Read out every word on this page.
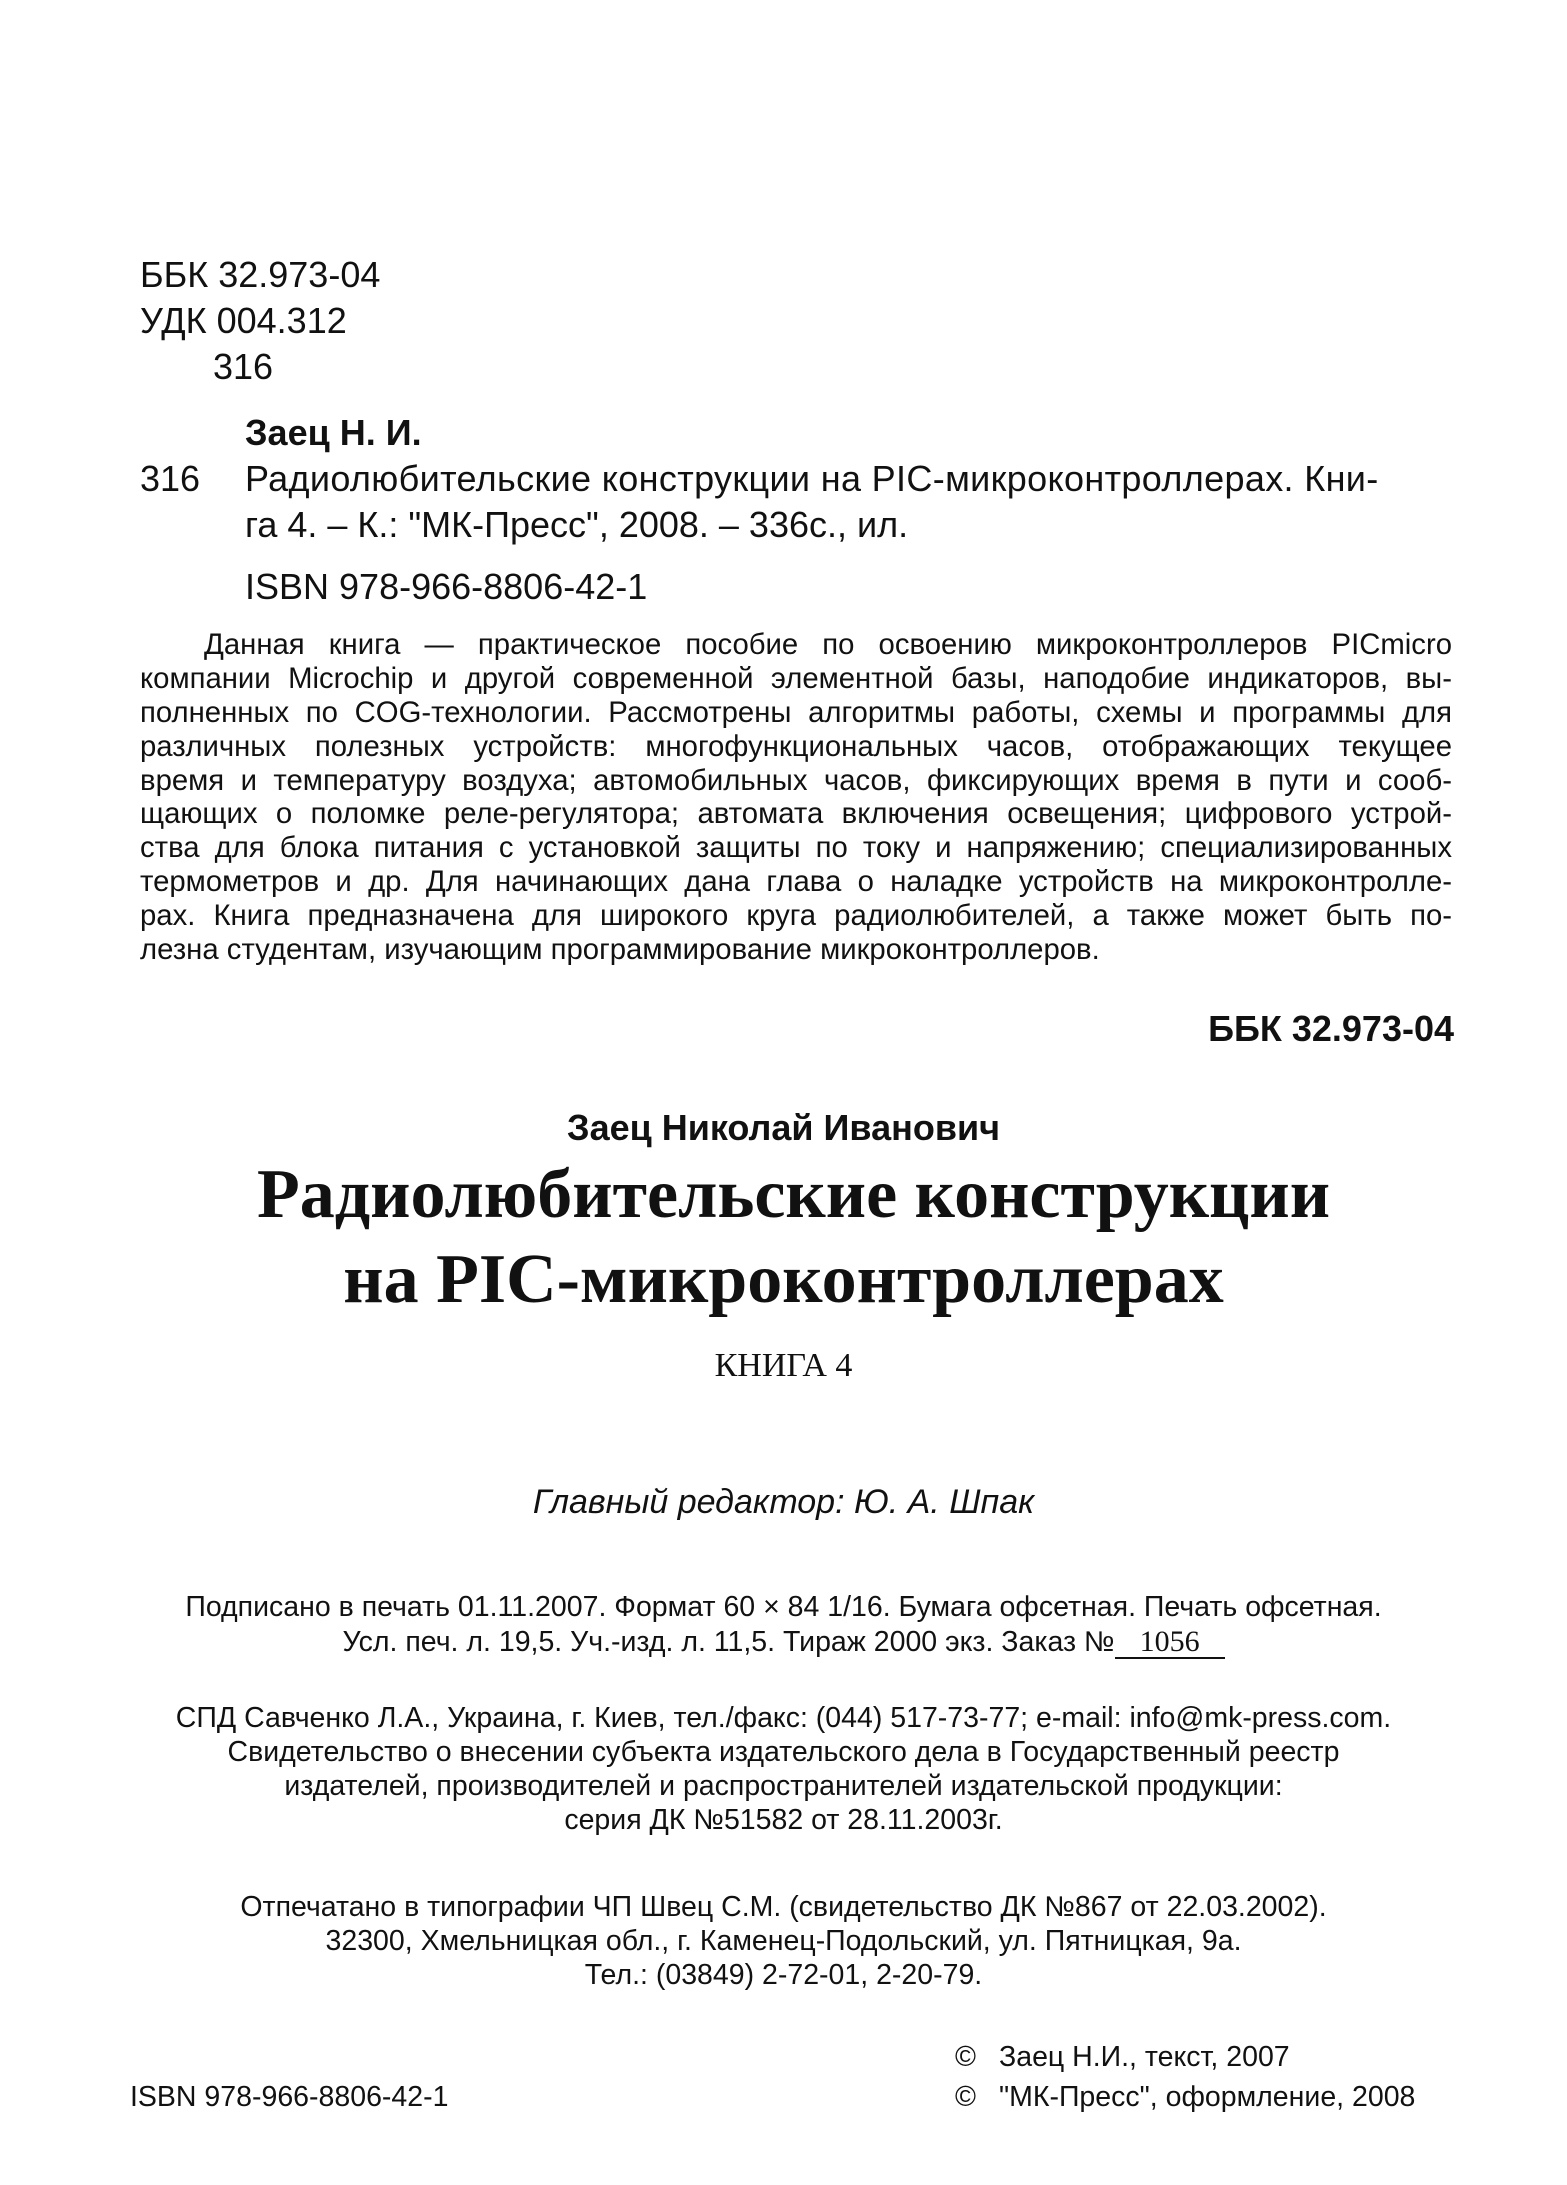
ББК 32.973-04
УДК 004.312
316
Заец Н. И.
316 Радиолюбительские конструкции на PIC-микроконтроллерах. Кни-
га 4. – К.: "МК-Пресс", 2008. – 336с., ил.
ISBN 978-966-8806-42-1
Данная книга — практическое пособие по освоению микроконтроллеров PICmicro
компании Microchip и другой современной элементной базы, наподобие индикаторов, вы-
полненных по COG-технологии. Рассмотрены алгоритмы работы, схемы и программы для
различных полезных устройств: многофункциональных часов, отображающих текущее
время и температуру воздуха; автомобильных часов, фиксирующих время в пути и сооб-
щающих о поломке реле-регулятора; автомата включения освещения; цифрового устрой-
ства для блока питания с установкой защиты по току и напряжению; специализированных
термометров и др. Для начинающих дана глава о наладке устройств на микроконтролле-
рах. Книга предназначена для широкого круга радиолюбителей, а также может быть по-
лезна студентам, изучающим программирование микроконтроллеров.
ББК 32.973-04
Заец Николай Иванович
Радиолюбительские конструкции
на PIC-микроконтроллерах
КНИГА 4
Главный редактор: Ю. А. Шпак
Подписано в печать 01.11.2007. Формат 60 × 84 1/16. Бумага офсетная. Печать офсетная.
Усл. печ. л. 19,5. Уч.-изд. л. 11,5. Тираж 2000 экз. Заказ № 1056
СПД Савченко Л.А., Украина, г. Киев, тел./факс: (044) 517-73-77; e-mail: info@mk-press.com.
Свидетельство о внесении субъекта издательского дела в Государственный реестр
издателей, производителей и распространителей издательской продукции:
серия ДК №51582 от 28.11.2003г.
Отпечатано в типографии ЧП Швец С.М. (свидетельство ДК №867 от 22.03.2002).
32300, Хмельницкая обл., г. Каменец-Подольский, ул. Пятницкая, 9а.
Тел.: (03849) 2-72-01, 2-20-79.
ISBN 978-966-8806-42-1
© Заец Н.И., текст, 2007
© "МК-Пресс", оформление, 2008
